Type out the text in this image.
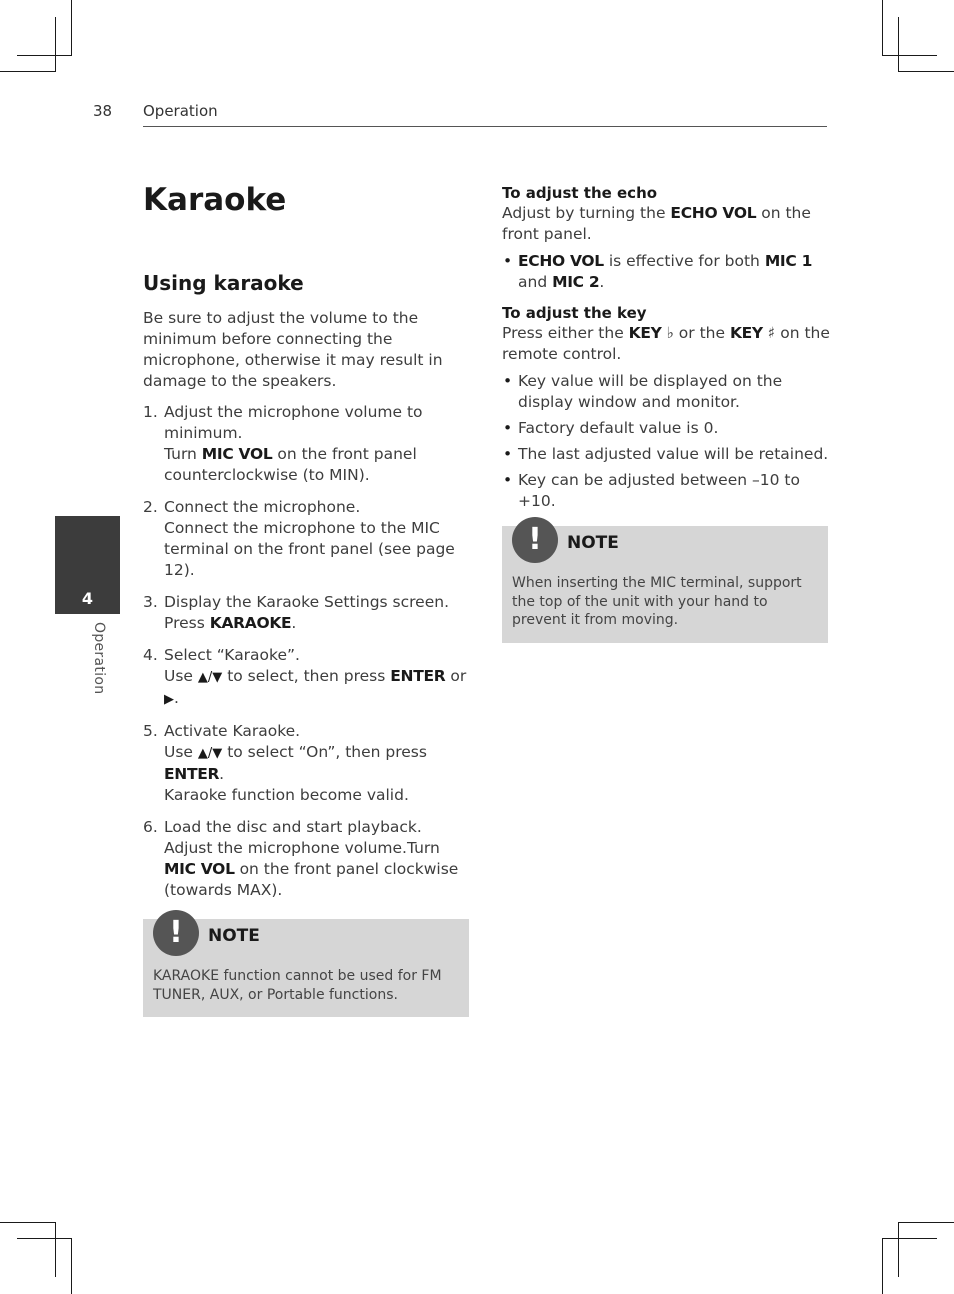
38 Operation
4
Operation
Karaoke
Using karaoke

Be sure to adjust the volume to the minimum before connecting the microphone, otherwise it may result in damage to the speakers.

1. Adjust the microphone volume to minimum.
Turn MIC VOL on the front panel counterclockwise (to MIN).
2. Connect the microphone.
Connect the microphone to the MIC terminal on the front panel (see page 12).
3. Display the Karaoke Settings screen.
Press KARAOKE.
4. Select “Karaoke”.
Use ▲/▼ to select, then press ENTER or
▶.
5. Activate Karaoke.
Use ▲/▼ to select “On”, then press
ENTER.
Karaoke function become valid.
6. Load the disc and start playback.
Adjust the microphone volume.Turn MIC VOL on the front panel clockwise (towards MAX).
!	NOTE
KARAOKE function cannot be used for FM TUNER, AUX, or Portable functions.
To adjust the echo

Adjust by turning the ECHO VOL on the front panel.

• ECHO VOL is effective for both MIC 1 and MIC 2.
To adjust the key

Press either the KEY ♭ or the KEY ♯ on the remote control.

• Key value will be displayed on the display window and monitor.
• Factory default value is 0.
• The last adjusted value will be retained.
• Key can be adjusted between –10 to +10.
!	NOTE
When inserting the MIC terminal, support the top of the unit with your hand to prevent it from moving.
